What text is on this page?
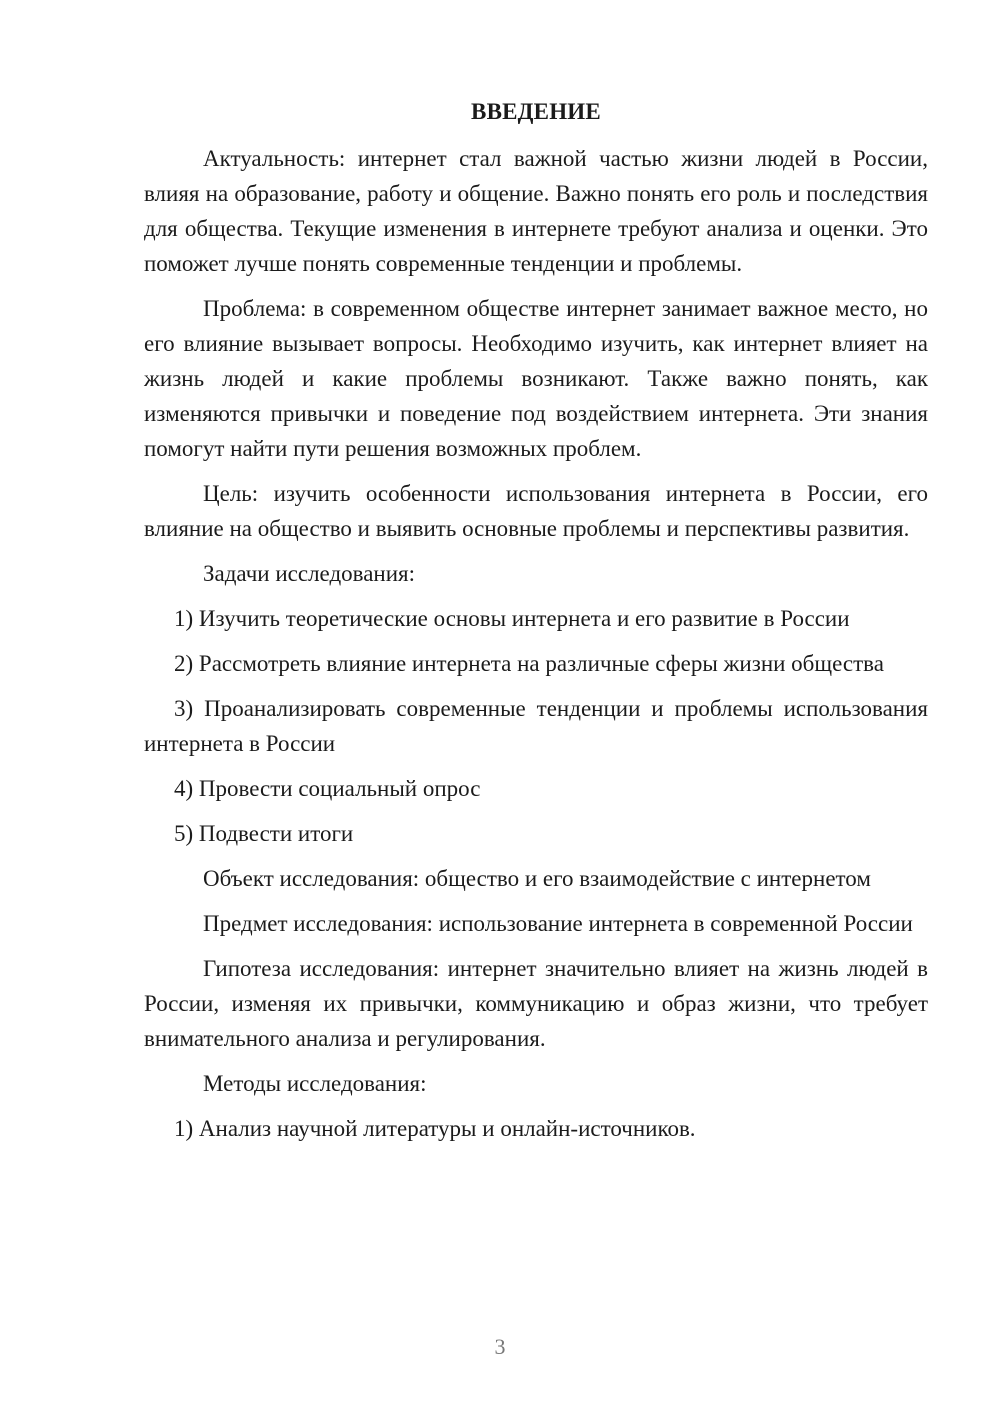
ВВЕДЕНИЕ

Актуальность: интернет стал важной частью жизни людей в России, влияя на образование, работу и общение. Важно понять его роль и последствия для общества. Текущие изменения в интернете требуют анализа и оценки. Это поможет лучше понять современные тенденции и проблемы.

Проблема: в современном обществе интернет занимает важное место, но его влияние вызывает вопросы. Необходимо изучить, как интернет влияет на жизнь людей и какие проблемы возникают. Также важно понять, как изменяются привычки и поведение под воздействием интернета. Эти знания помогут найти пути решения возможных проблем.

Цель: изучить особенности использования интернета в России, его влияние на общество и выявить основные проблемы и перспективы развития.

Задачи исследования:

1) Изучить теоретические основы интернета и его развитие в России

2) Рассмотреть влияние интернета на различные сферы жизни общества

3) Проанализировать современные тенденции и проблемы использования интернета в России

4) Провести социальный опрос

5) Подвести итоги

Объект исследования: общество и его взаимодействие с интернетом

Предмет исследования: использование интернета в современной России

Гипотеза исследования: интернет значительно влияет на жизнь людей в России, изменяя их привычки, коммуникацию и образ жизни, что требует внимательного анализа и регулирования.

Методы исследования:

1) Анализ научной литературы и онлайн-источников.

3
